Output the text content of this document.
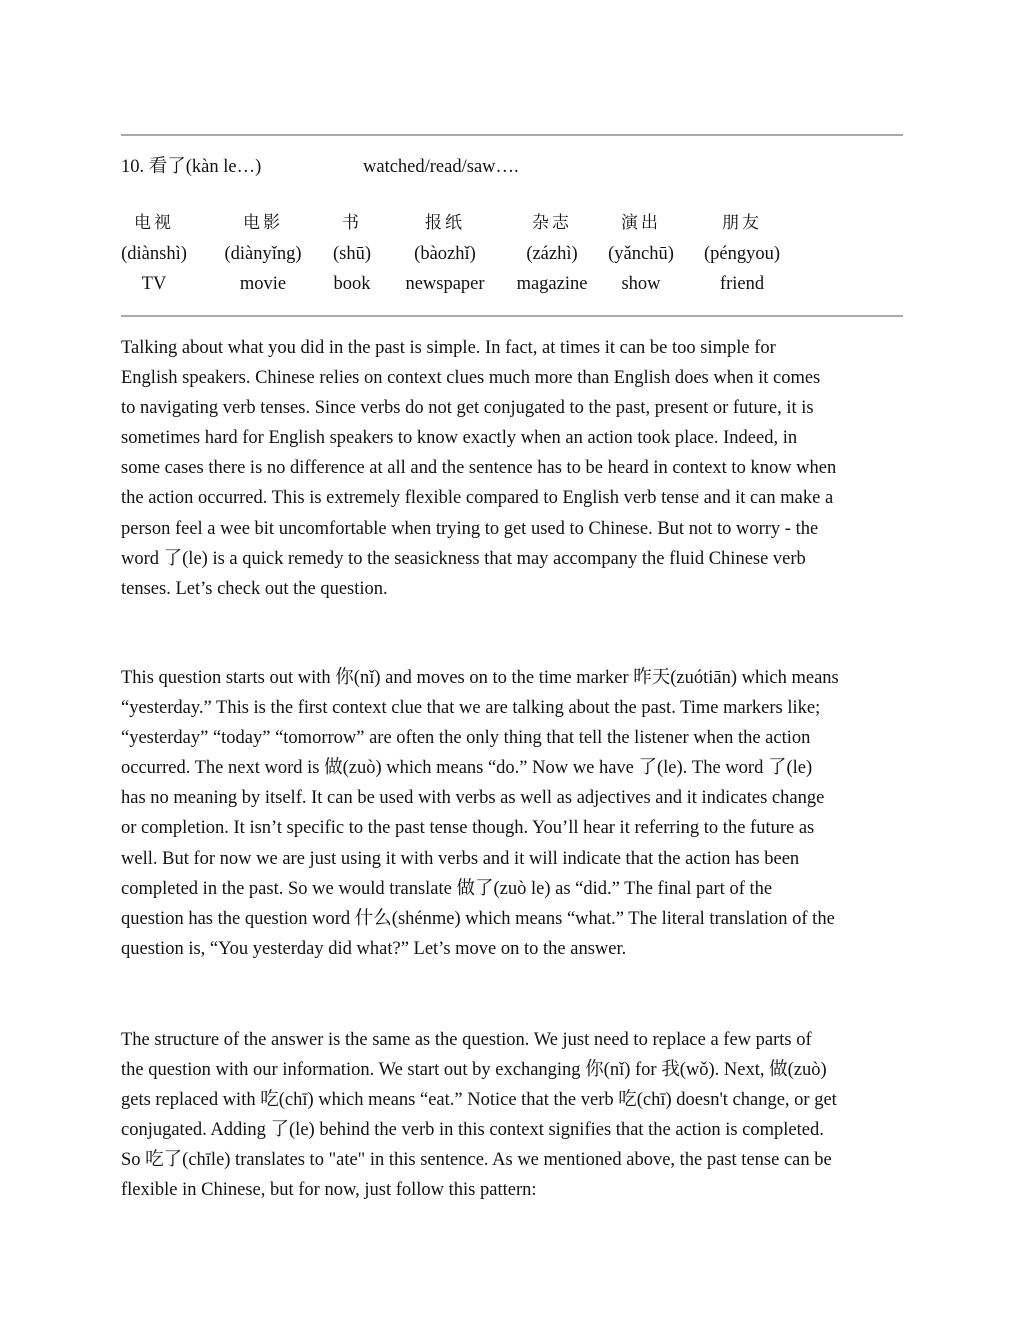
10. 看了(kàn le…)	watched/read/saw….
电视
(diànshì)
TV
电影
(diànyǐng)
movie
书
(shū)
book
报纸
(bàozhǐ)
newspaper
杂志
(zázhì)
magazine
演出
(yǎnchū)
show
朋友
(péngyou)
friend
Talking about what you did in the past is simple. In fact, at times it can be too simple for
English speakers. Chinese relies on context clues much more than English does when it comes
to navigating verb tenses. Since verbs do not get conjugated to the past, present or future, it is
sometimes hard for English speakers to know exactly when an action took place. Indeed, in
some cases there is no difference at all and the sentence has to be heard in context to know when
the action occurred. This is extremely flexible compared to English verb tense and it can make a
person feel a wee bit uncomfortable when trying to get used to Chinese. But not to worry - the
word 了(le) is a quick remedy to the seasickness that may accompany the fluid Chinese verb
tenses. Let’s check out the question.
This question starts out with 你(nǐ) and moves on to the time marker 昨天(zuótiān) which means
“yesterday.” This is the first context clue that we are talking about the past. Time markers like;
“yesterday” “today” “tomorrow” are often the only thing that tell the listener when the action
occurred. The next word is 做(zuò) which means “do.” Now we have 了(le). The word 了(le)
has no meaning by itself. It can be used with verbs as well as adjectives and it indicates change
or completion. It isn’t specific to the past tense though. You’ll hear it referring to the future as
well. But for now we are just using it with verbs and it will indicate that the action has been
completed in the past. So we would translate 做了(zuò le) as “did.” The final part of the
question has the question word 什么(shénme) which means “what.” The literal translation of the
question is, “You yesterday did what?” Let’s move on to the answer.
The structure of the answer is the same as the question. We just need to replace a few parts of
the question with our information. We start out by exchanging 你(nǐ) for 我(wǒ). Next, 做(zuò)
gets replaced with 吃(chī) which means “eat.” Notice that the verb 吃(chī) doesn't change, or get
conjugated. Adding 了(le) behind the verb in this context signifies that the action is completed.
So 吃了(chīle) translates to "ate" in this sentence. As we mentioned above, the past tense can be
flexible in Chinese, but for now, just follow this pattern:
